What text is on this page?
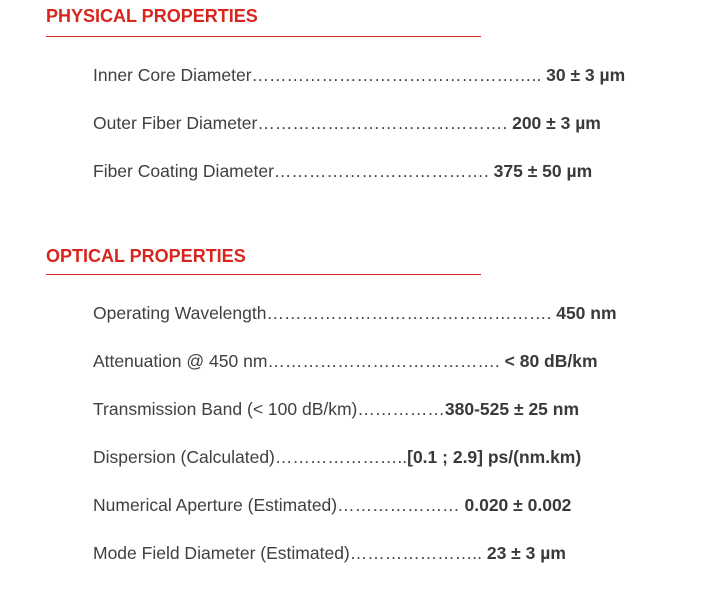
PHYSICAL PROPERTIES
Inner Core Diameter………………………………………….. 30 ± 3 µm
Outer Fiber Diameter……………………………………. 200 ± 3 µm
Fiber Coating Diameter………………………………. 375 ± 50 µm
OPTICAL PROPERTIES
Operating Wavelength…………………………………………. 450 nm
Attenuation @ 450 nm…………………………………. < 80 dB/km
Transmission Band (< 100 dB/km)……………380-525 ± 25 nm
Dispersion (Calculated)…………………..[0.1 ; 2.9] ps/(nm.km)
Numerical Aperture (Estimated)………………… 0.020 ± 0.002
Mode Field Diameter (Estimated)………………….. 23 ± 3 µm
